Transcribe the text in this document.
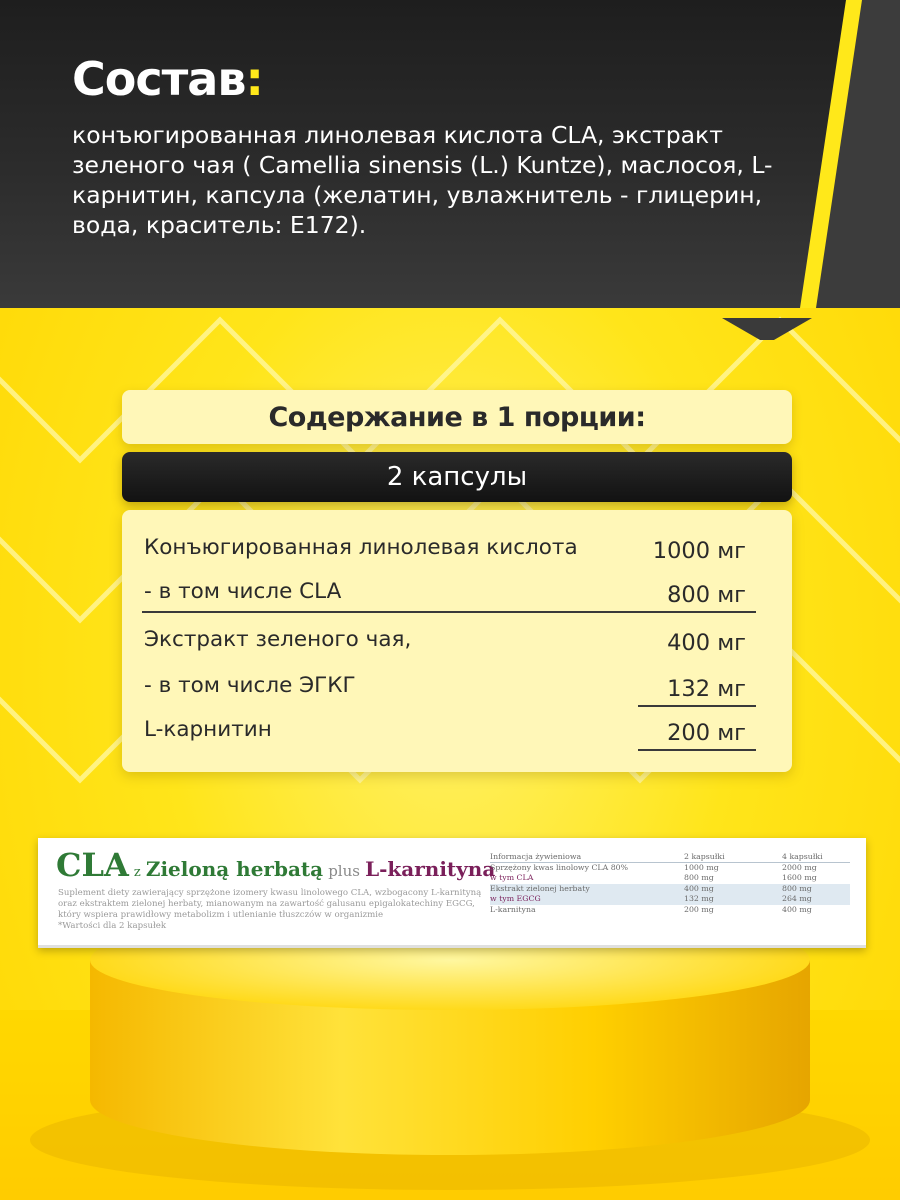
Состав:
конъюгированная линолевая кислота CLA, экстракт зеленого чая ( Camellia sinensis (L.) Kuntze), маслосоя, L-карнитин, капсула (желатин, увлажнитель - глицерин, вода, краситель: E172).
Содержание в 1 порции:
2 капсулы
Конъюгированная линолевая кислота	1000 мг
- в том числе CLA	800 мг
Экстракт зеленого чая,	400 мг
- в том числе ЭГКГ	132 мг
L-карнитин	200 мг
CLA z Zieloną herbatą plus L-karnityna
Suplement diety zawierający sprzężone izomery kwasu linolowego CLA, wzbogacony L-karnityną
oraz ekstraktem zielonej herbaty, mianowanym na zawartość galusanu epigalokatechiny EGCG,
który wspiera prawidłowy metabolizm i utlenianie tłuszczów w organizmie
*Wartości dla 2 kapsułek
Informacja żywieniowa	2 kapsułki	4 kapsułki
Sprzężony kwas linolowy CLA 80%	1000 mg	2000 mg
w tym CLA	800 mg	1600 mg
Ekstrakt zielonej herbaty	400 mg	800 mg
w tym EGCG	132 mg	264 mg
L-karnityna	200 mg	400 mg
